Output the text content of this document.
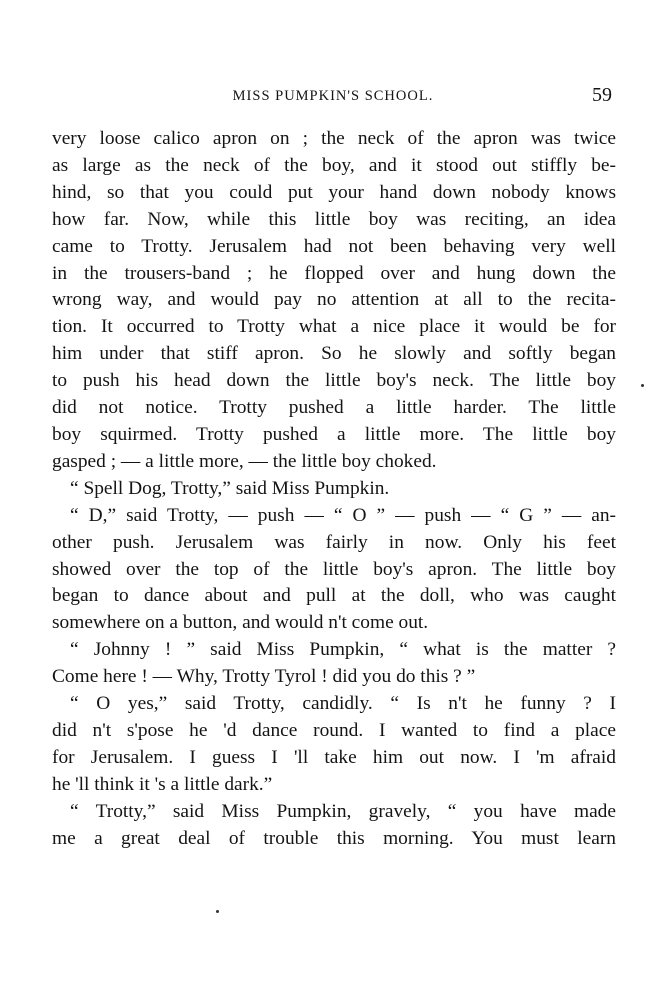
MISS PUMPKIN'S SCHOOL.	59
very loose calico apron on ; the neck of the apron was twice
as large as the neck of the boy, and it stood out stiffly be-
hind, so that you could put your hand down nobody knows
how far. Now, while this little boy was reciting, an idea
came to Trotty. Jerusalem had not been behaving very well
in the trousers-band ; he flopped over and hung down the
wrong way, and would pay no attention at all to the recita-
tion. It occurred to Trotty what a nice place it would be for
him under that stiff apron. So he slowly and softly began
to push his head down the little boy's neck. The little boy
did not notice. Trotty pushed a little harder. The little
boy squirmed. Trotty pushed a little more. The little boy
gasped ; — a little more, — the little boy choked.
“ Spell Dog, Trotty,” said Miss Pumpkin.
“ D,” said Trotty, — push — “ O ” — push — “ G ” — an-
other push. Jerusalem was fairly in now. Only his feet
showed over the top of the little boy's apron. The little boy
began to dance about and pull at the doll, who was caught
somewhere on a button, and would n't come out.
“ Johnny ! ” said Miss Pumpkin, “ what is the matter ?
Come here ! — Why, Trotty Tyrol ! did you do this ? ”
“ O yes,” said Trotty, candidly. “ Is n't he funny ? I
did n't s'pose he 'd dance round. I wanted to find a place
for Jerusalem. I guess I 'll take him out now. I 'm afraid
he 'll think it 's a little dark.”
“ Trotty,” said Miss Pumpkin, gravely, “ you have made
me a great deal of trouble this morning. You must learn
